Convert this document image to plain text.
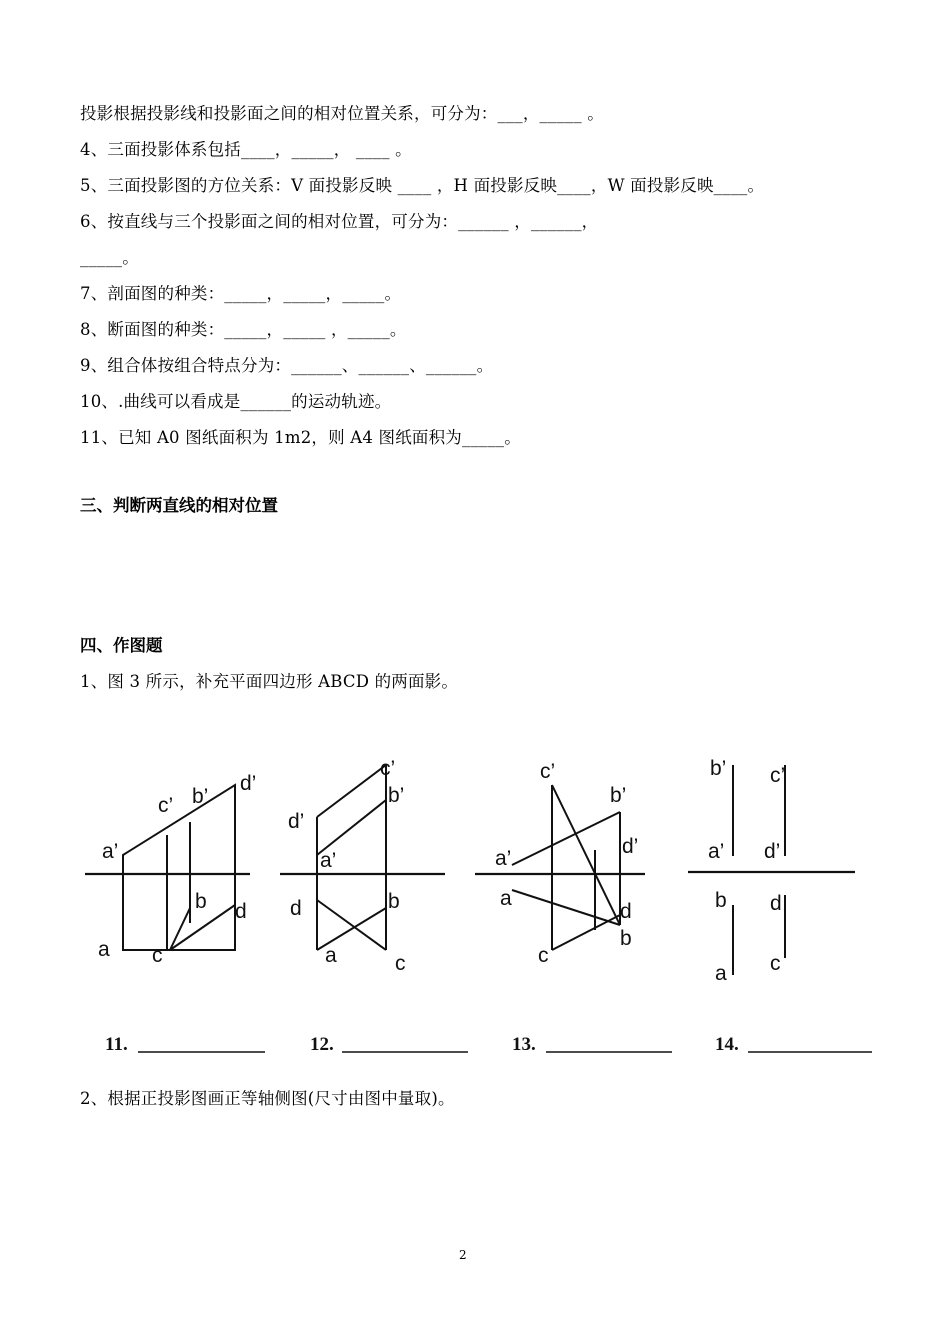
投影根据投影线和投影面之间的相对位置关系，可分为：___，_____ 。
4、三面投影体系包括____，_____， ____ 。
5、三面投影图的方位关系：V 面投影反映 ____ ，H 面投影反映____，W 面投影反映____。
6、按直线与三个投影面之间的相对位置，可分为：______ ，______，
_____。
7、剖面图的种类：_____，_____，_____。
8、断面图的种类：_____，_____ ，_____。
9、组合体按组合特点分为：______、______、______。
10、.曲线可以看成是______的运动轨迹。
11、已知 A0 图纸面积为 1m2，则 A4 图纸面积为_____。
三、判断两直线的相对位置
四、作图题
1、图 3 所示，补充平面四边形 ABCD 的两面影。
a’
c’ b’
d’
b d
a c
11.
c’
b’
d’
a’
d	b
a	c
12.
c’
b’
a’
d’
a
d
b
c
13.
b’ c’
a’ d’
b d
a c
14.
2、根据正投影图画正等轴侧图(尺寸由图中量取)。
2
